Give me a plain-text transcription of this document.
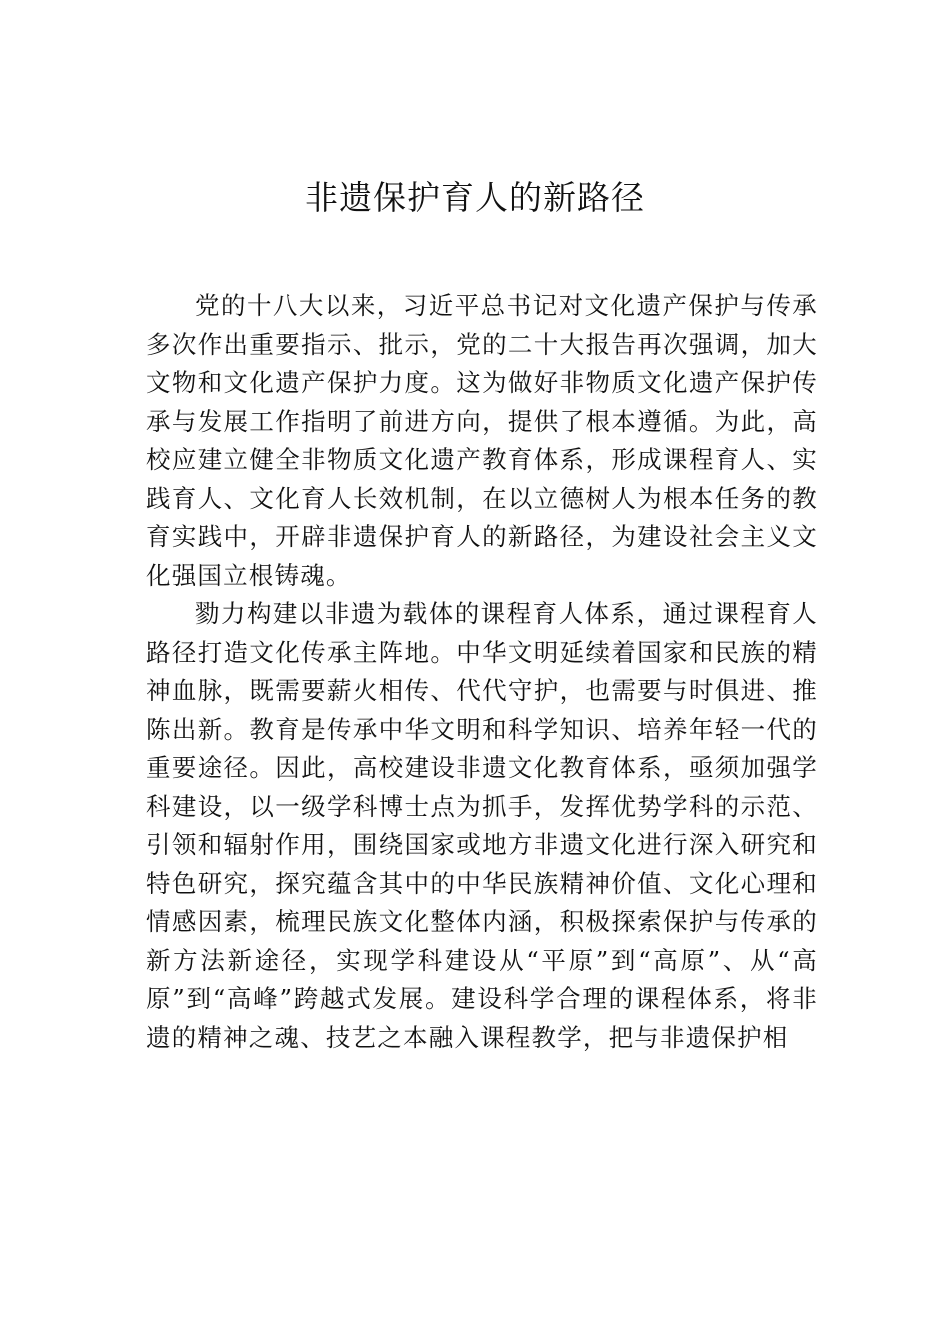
非遗保护育人的新路径

党的十八大以来，习近平总书记对文化遗产保护与传承多次作出重要指示、批示，党的二十大报告再次强调，加大文物和文化遗产保护力度。这为做好非物质文化遗产保护传承与发展工作指明了前进方向，提供了根本遵循。为此，高校应建立健全非物质文化遗产教育体系，形成课程育人、实践育人、文化育人长效机制，在以立德树人为根本任务的教育实践中，开辟非遗保护育人的新路径，为建设社会主义文化强国立根铸魂。

勠力构建以非遗为载体的课程育人体系，通过课程育人路径打造文化传承主阵地。中华文明延续着国家和民族的精神血脉，既需要薪火相传、代代守护，也需要与时俱进、推陈出新。教育是传承中华文明和科学知识、培养年轻一代的重要途径。因此，高校建设非遗文化教育体系，亟须加强学科建设，以一级学科博士点为抓手，发挥优势学科的示范、 引领和辐射作用，围绕国家或地方非遗文化进行深入研究和特色研究，探究蕴含其中的中华民族精神价值、文化心理和情感因素，梳理民族文化整体内涵，积极探索保护与传承的新方法新途径，实现学科建设从“平原”到“高原”、从“高原”到“高峰”跨越式发展。建设科学合理的课程体系，将非遗的精神之魂、技艺之本融入课程教学，把与非遗保护相
